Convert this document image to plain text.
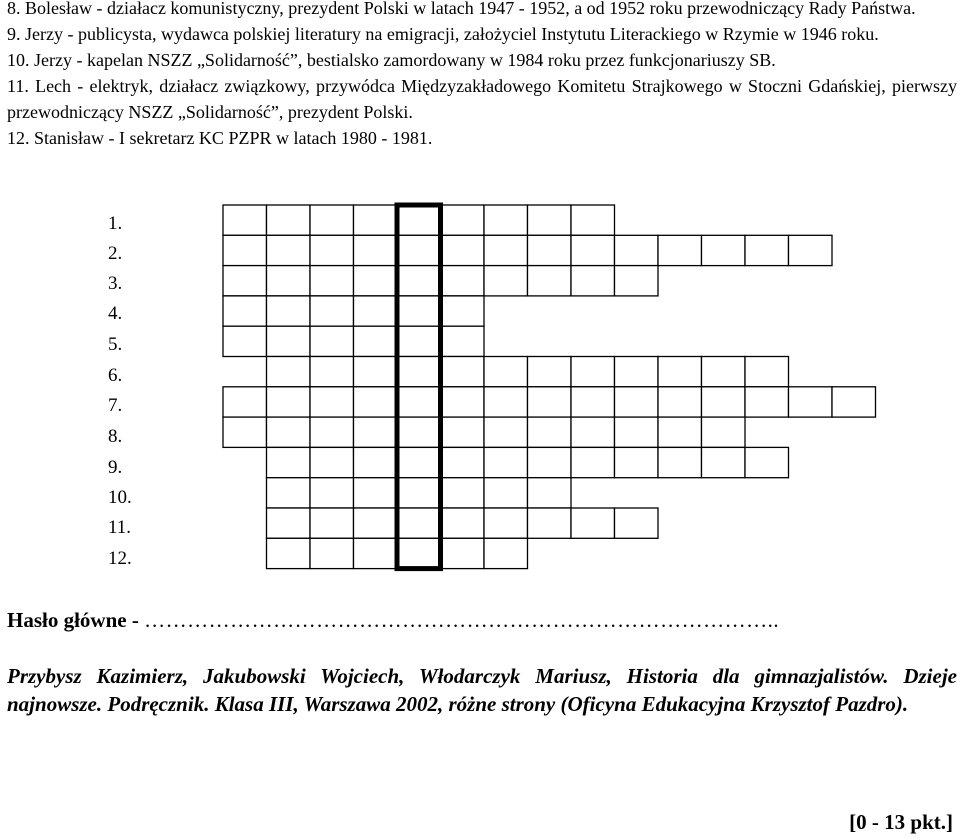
8. Bolesław - działacz komunistyczny, prezydent Polski w latach 1947 - 1952, a od 1952 roku przewodniczący Rady Państwa.

9. Jerzy - publicysta, wydawca polskiej literatury na emigracji, założyciel Instytutu Literackiego w Rzymie w 1946 roku.

10. Jerzy - kapelan NSZZ „Solidarność”, bestialsko zamordowany w 1984 roku przez funkcjonariuszy SB.

11. Lech - elektryk, działacz związkowy, przywódca Międzyzakładowego Komitetu Strajkowego w Stoczni Gdańskiej, pierwszy przewodniczący NSZZ „Solidarność”, prezydent Polski.

12. Stanisław - I sekretarz KC PZPR w latach 1980 - 1981.

1.
2.
3.
4.
5.
6.
7.
8.
9.
10.
11.
12.
Hasło główne - ……………………………………………………………………………..
Przybysz Kazimierz, Jakubowski Wojciech, Włodarczyk Mariusz, Historia dla gimnazjalistów. Dzieje najnowsze. Podręcznik. Klasa III, Warszawa 2002, różne strony (Oficyna Edukacyjna Krzysztof Pazdro).
[0 - 13 pkt.]
